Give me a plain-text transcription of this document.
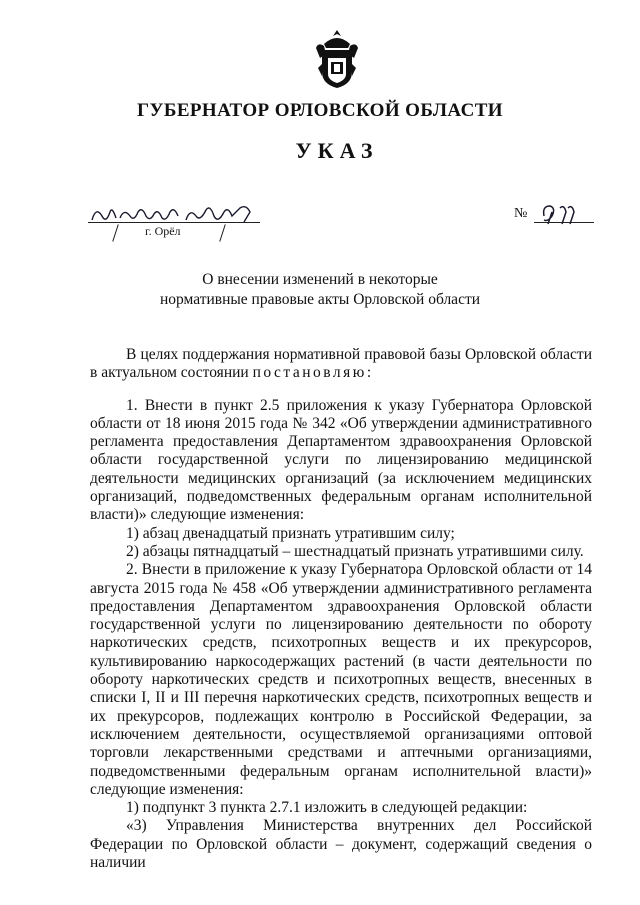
ГУБЕРНАТОР ОРЛОВСКОЙ ОБЛАСТИ
УКАЗ
г. Орёл
№
О внесении изменений в некоторые
нормативные правовые акты Орловской области

В целях поддержания нормативной правовой базы Орловской области в актуальном состоянии постановляю:

1. Внести в пункт 2.5 приложения к указу Губернатора Орловской области от 18 июня 2015 года № 342 «Об утверждении административного регламента предоставления Департаментом здравоохранения Орловской области государственной услуги по лицензированию медицинской деятельности медицинских организаций (за исключением медицинских организаций, подведомственных федеральным органам исполнительной власти)» следующие изменения:

1) абзац двенадцатый признать утратившим силу;

2) абзацы пятнадцатый – шестнадцатый признать утратившими силу.

2. Внести в приложение к указу Губернатора Орловской области от 14 августа 2015 года № 458 «Об утверждении административного регламента предоставления Департаментом здравоохранения Орловской области государственной услуги по лицензированию деятельности по обороту наркотических средств, психотропных веществ и их прекурсоров, культивированию наркосодержащих растений (в части деятельности по обороту наркотических средств и психотропных веществ, внесенных в списки I, II и III перечня наркотических средств, психотропных веществ и их прекурсоров, подлежащих контролю в Российской Федерации, за исключением деятельности, осуществляемой организациями оптовой торговли лекарственными средствами и аптечными организациями, подведомственными федеральным органам исполнительной власти)» следующие изменения:

1) подпункт 3 пункта 2.7.1 изложить в следующей редакции:

«3) Управления Министерства внутренних дел Российской Федерации по Орловской области – документ, содержащий сведения о наличии
